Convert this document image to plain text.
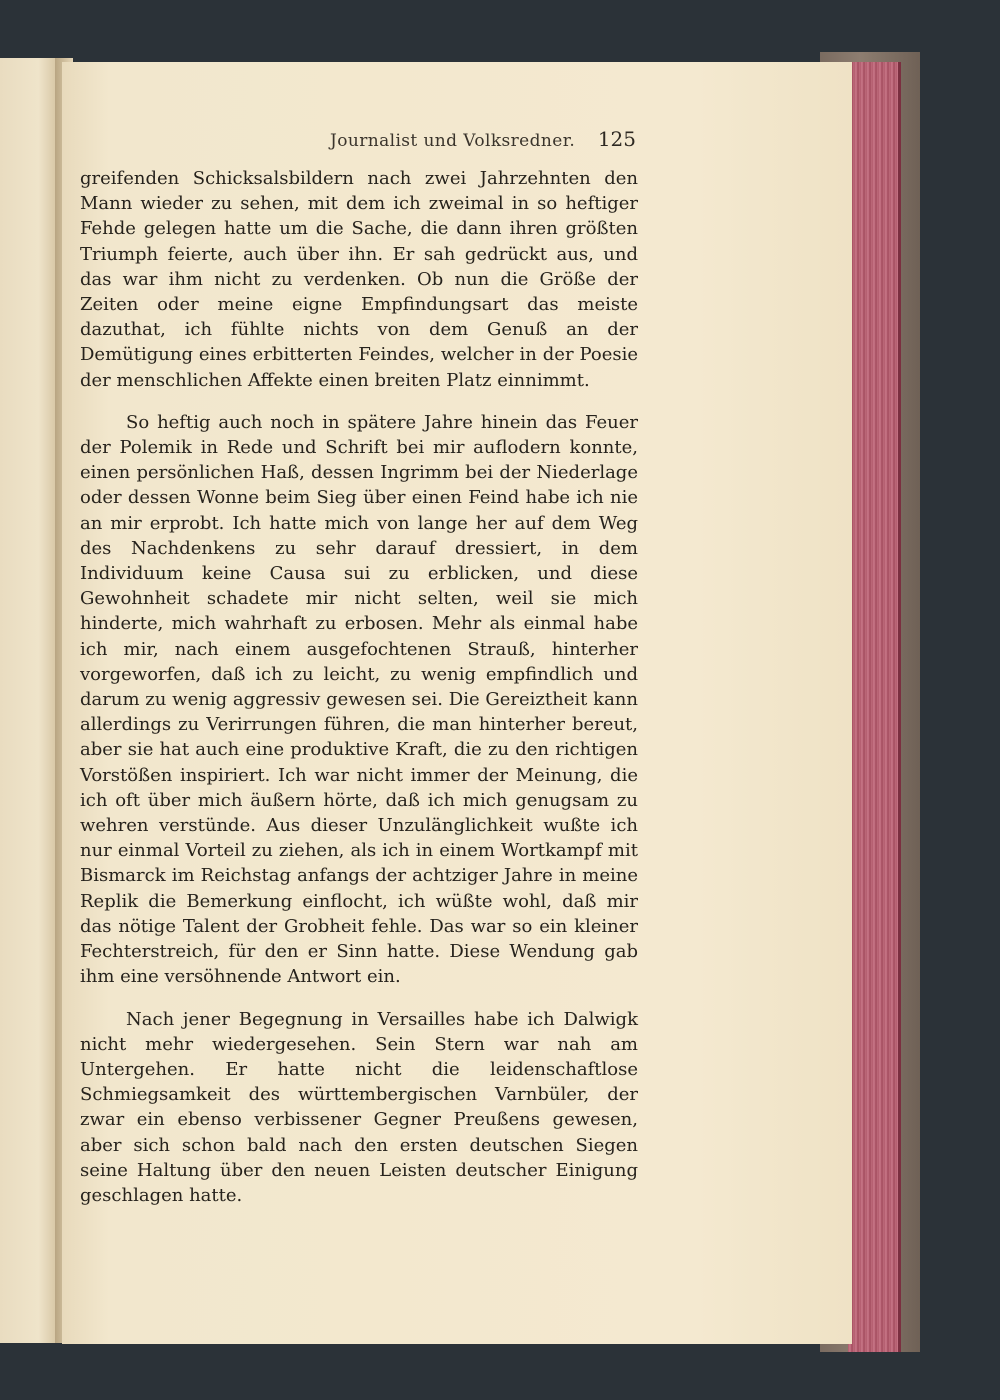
Journalist und Volksredner. 125

greifenden Schicksalsbildern nach zwei Jahrzehnten den Mann wieder zu sehen, mit dem ich zweimal in so heftiger Fehde gelegen hatte um die Sache, die dann ihren größten Triumph feierte, auch über ihn. Er sah gedrückt aus, und das war ihm nicht zu verdenken. Ob nun die Größe der Zeiten oder meine eigne Empfindungsart das meiste dazuthat, ich fühlte nichts von dem Genuß an der Demütigung eines erbitterten Feindes, welcher in der Poesie der menschlichen Affekte einen breiten Platz einnimmt.

So heftig auch noch in spätere Jahre hinein das Feuer der Polemik in Rede und Schrift bei mir auflodern konnte, einen persönlichen Haß, dessen Ingrimm bei der Niederlage oder dessen Wonne beim Sieg über einen Feind habe ich nie an mir erprobt. Ich hatte mich von lange her auf dem Weg des Nachdenkens zu sehr darauf dressiert, in dem Individuum keine Causa sui zu erblicken, und diese Gewohnheit schadete mir nicht selten, weil sie mich hinderte, mich wahrhaft zu erbosen. Mehr als einmal habe ich mir, nach einem ausgefochtenen Strauß, hinterher vorgeworfen, daß ich zu leicht, zu wenig empfindlich und darum zu wenig aggressiv gewesen sei. Die Gereiztheit kann allerdings zu Verirrungen führen, die man hinterher bereut, aber sie hat auch eine produktive Kraft, die zu den richtigen Vorstößen inspiriert. Ich war nicht immer der Meinung, die ich oft über mich äußern hörte, daß ich mich genugsam zu wehren verstünde. Aus dieser Unzulänglichkeit wußte ich nur einmal Vorteil zu ziehen, als ich in einem Wortkampf mit Bismarck im Reichstag anfangs der achtziger Jahre in meine Replik die Bemerkung einflocht, ich wüßte wohl, daß mir das nötige Talent der Grobheit fehle. Das war so ein kleiner Fechterstreich, für den er Sinn hatte. Diese Wendung gab ihm eine versöhnende Antwort ein.

Nach jener Begegnung in Versailles habe ich Dalwigk nicht mehr wiedergesehen. Sein Stern war nah am Untergehen. Er hatte nicht die leidenschaftlose Schmiegsamkeit des württembergischen Varnbüler, der zwar ein ebenso verbissener Gegner Preußens gewesen, aber sich schon bald nach den ersten deutschen Siegen seine Haltung über den neuen Leisten deutscher Einigung geschlagen hatte.
